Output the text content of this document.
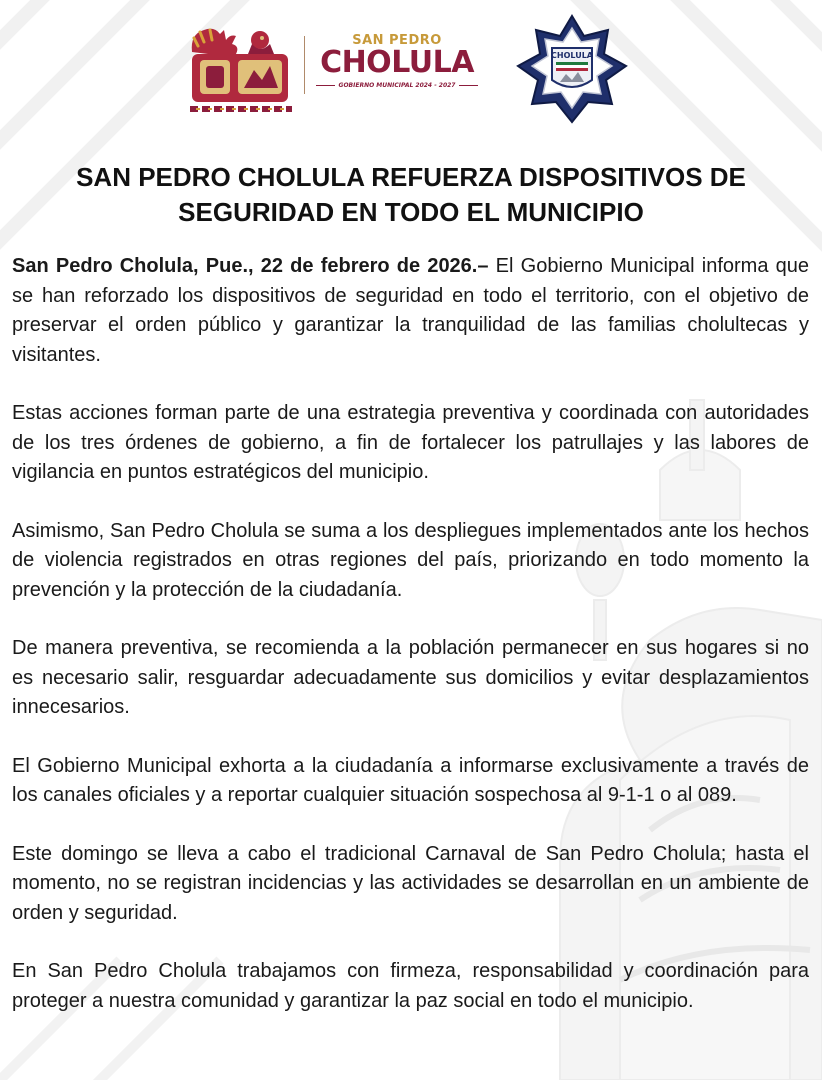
SAN PEDRO
CHOLULA
GOBIERNO MUNICIPAL 2024 - 2027
CHOLULA
SAN PEDRO CHOLULA REFUERZA DISPOSITIVOS DE SEGURIDAD EN TODO EL MUNICIPIO

San Pedro Cholula, Pue., 22 de febrero de 2026.– El Gobierno Municipal informa que se han reforzado los dispositivos de seguridad en todo el territorio, con el objetivo de preservar el orden público y garantizar la tranquilidad de las familias cholultecas y visitantes.

Estas acciones forman parte de una estrategia preventiva y coordinada con autoridades de los tres órdenes de gobierno, a fin de fortalecer los patrullajes y las labores de vigilancia en puntos estratégicos del municipio.

Asimismo, San Pedro Cholula se suma a los despliegues implementados ante los hechos de violencia registrados en otras regiones del país, priorizando en todo momento la prevención y la protección de la ciudadanía.

De manera preventiva, se recomienda a la población permanecer en sus hogares si no es necesario salir, resguardar adecuadamente sus domicilios y evitar desplazamientos innecesarios.

El Gobierno Municipal exhorta a la ciudadanía a informarse exclusivamente a través de los canales oficiales y a reportar cualquier situación sospechosa al 9-1-1 o al 089.

Este domingo se lleva a cabo el tradicional Carnaval de San Pedro Cholula; hasta el momento, no se registran incidencias y las actividades se desarrollan en un ambiente de orden y seguridad.

En San Pedro Cholula trabajamos con firmeza, responsabilidad y coordinación para proteger a nuestra comunidad y garantizar la paz social en todo el municipio.
